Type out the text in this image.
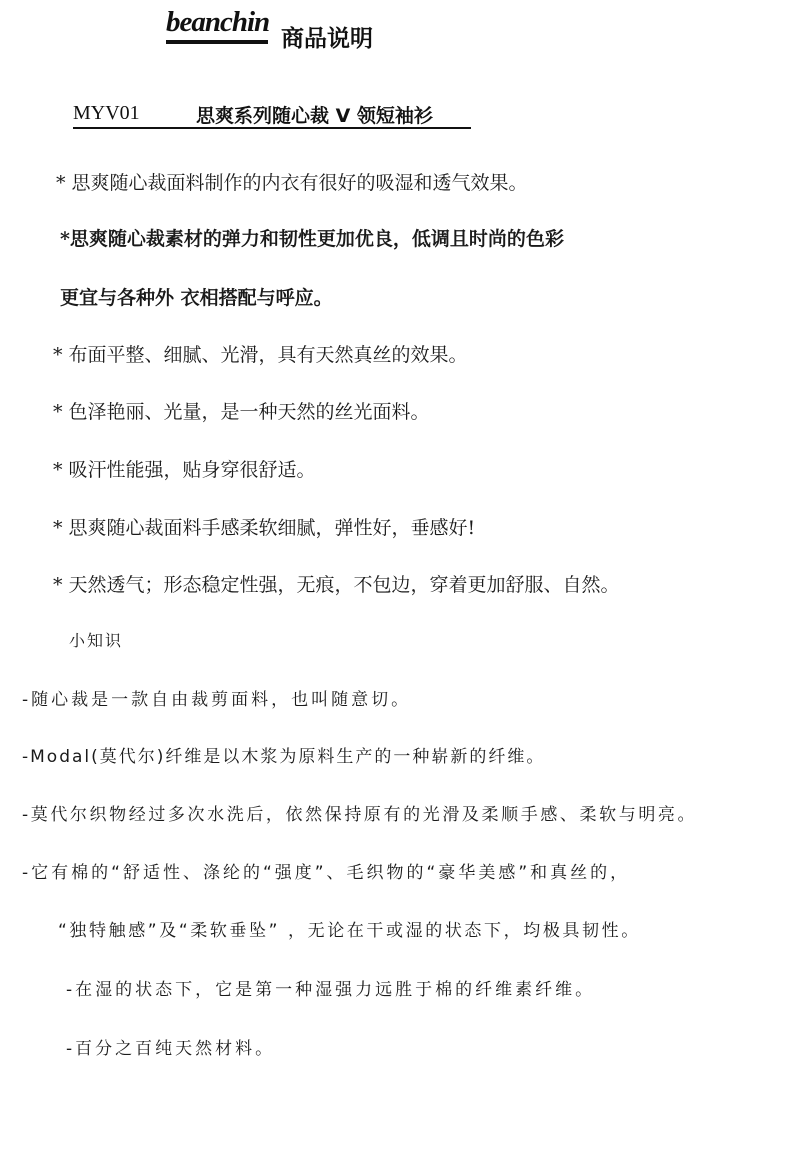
beanchin
商品说明
MYV01	思爽系列随心裁 V 领短袖衫
* 思爽随心裁面料制作的内衣有很好的吸湿和透气效果。
*思爽随心裁素材的弹力和韧性更加优良，低调且时尚的色彩
更宜与各种外 衣相搭配与呼应。
* 布面平整、细腻、光滑，具有天然真丝的效果。
* 色泽艳丽、光量，是一种天然的丝光面料。
* 吸汗性能强，贴身穿很舒适。
* 思爽随心裁面料手感柔软细腻，弹性好，垂感好!
* 天然透气；形态稳定性强，无痕，不包边，穿着更加舒服、自然。
小知识
-随心裁是一款自由裁剪面料，也叫随意切。
-Modal(莫代尔)纤维是以木浆为原料生产的一种崭新的纤维。
-莫代尔织物经过多次水洗后，依然保持原有的光滑及柔顺手感、柔软与明亮。
-它有棉的“舒适性、涤纶的“强度”、毛织物的“豪华美感”和真丝的，
“独特触感”及“柔软垂坠” ，无论在干或湿的状态下，均极具韧性。
-在湿的状态下，它是第一种湿强力远胜于棉的纤维素纤维。
-百分之百纯天然材料。
